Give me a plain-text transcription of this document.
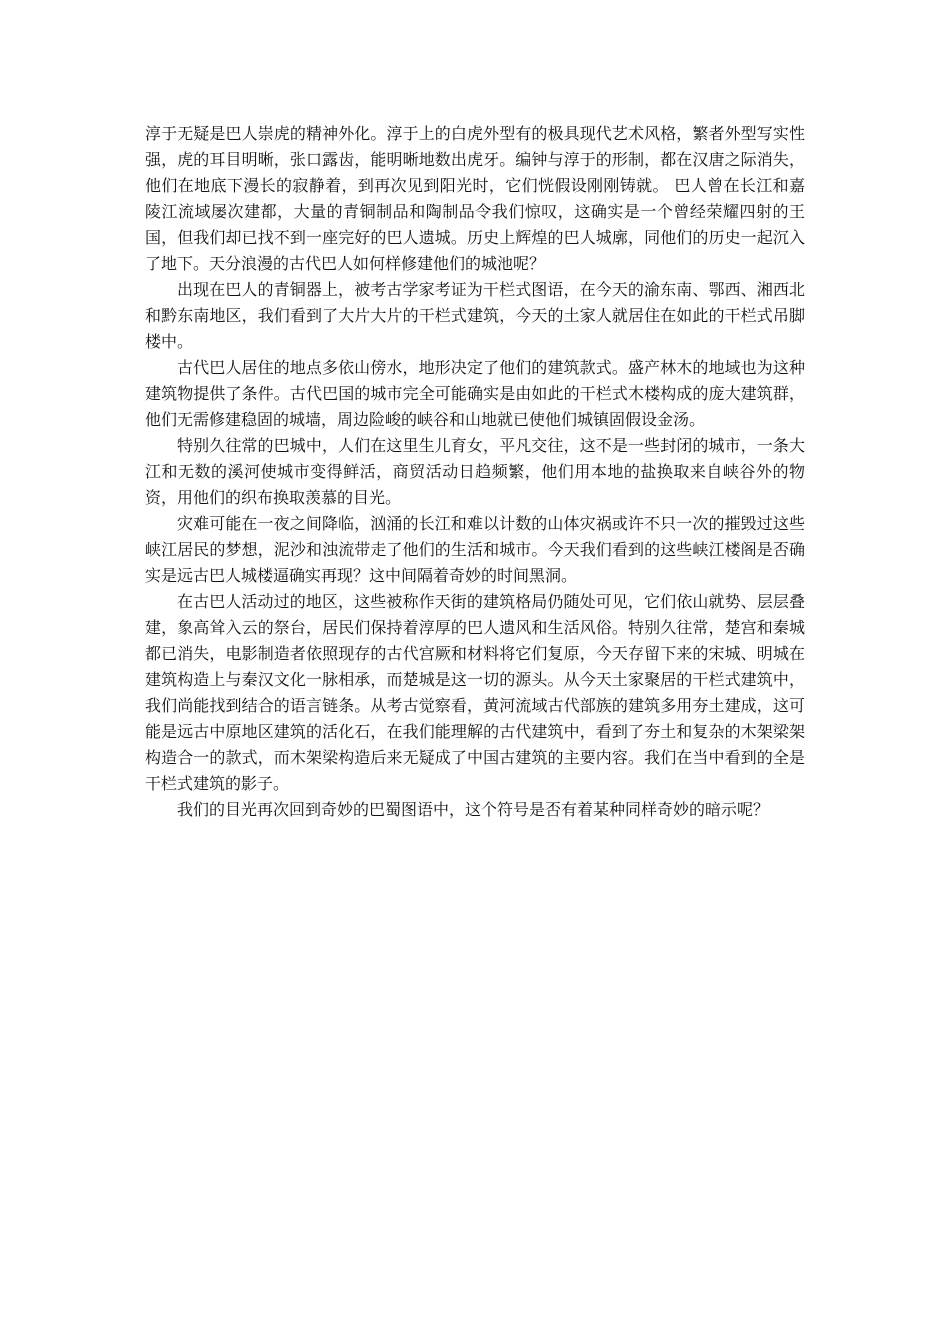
淳于无疑是巴人崇虎的精神外化。淳于上的白虎外型有的极具现代艺术风格，繁者外型写实性强，虎的耳目明晰，张口露齿，能明晰地数出虎牙。编钟与淳于的形制，都在汉唐之际消失，他们在地底下漫长的寂静着，到再次见到阳光时，它们恍假设刚刚铸就。 巴人曾在长江和嘉陵江流域屡次建都，大量的青铜制品和陶制品令我们惊叹，这确实是一个曾经荣耀四射的王国，但我们却已找不到一座完好的巴人遗城。历史上辉煌的巴人城廓，同他们的历史一起沉入了地下。天分浪漫的古代巴人如何样修建他们的城池呢？

出现在巴人的青铜器上，被考古学家考证为干栏式图语，在今天的渝东南、鄂西、湘西北和黔东南地区，我们看到了大片大片的干栏式建筑，今天的土家人就居住在如此的干栏式吊脚楼中。

古代巴人居住的地点多依山傍水，地形决定了他们的建筑款式。盛产林木的地域也为这种建筑物提供了条件。古代巴国的城市完全可能确实是由如此的干栏式木楼构成的庞大建筑群，他们无需修建稳固的城墙，周边险峻的峡谷和山地就已使他们城镇固假设金汤。

特别久往常的巴城中，人们在这里生儿育女，平凡交往，这不是一些封闭的城市，一条大江和无数的溪河使城市变得鲜活，商贸活动日趋频繁，他们用本地的盐换取来自峡谷外的物资，用他们的织布换取羡慕的目光。

灾难可能在一夜之间降临，汹涌的长江和难以计数的山体灾祸或许不只一次的摧毁过这些峡江居民的梦想，泥沙和浊流带走了他们的生活和城市。今天我们看到的这些峡江楼阁是否确实是远古巴人城楼逼确实再现？这中间隔着奇妙的时间黑洞。

在古巴人活动过的地区，这些被称作天街的建筑格局仍随处可见，它们依山就势、层层叠建，象高耸入云的祭台，居民们保持着淳厚的巴人遗风和生活风俗。特别久往常，楚宫和秦城都已消失，电影制造者依照现存的古代宫厥和材料将它们复原，今天存留下来的宋城、明城在建筑构造上与秦汉文化一脉相承，而楚城是这一切的源头。从今天土家聚居的干栏式建筑中，我们尚能找到结合的语言链条。从考古觉察看，黄河流域古代部族的建筑多用夯土建成，这可能是远古中原地区建筑的活化石，在我们能理解的古代建筑中，看到了夯土和复杂的木架梁架构造合一的款式，而木架梁构造后来无疑成了中国古建筑的主要内容。我们在当中看到的全是干栏式建筑的影子。

我们的目光再次回到奇妙的巴蜀图语中，这个符号是否有着某种同样奇妙的暗示呢？
